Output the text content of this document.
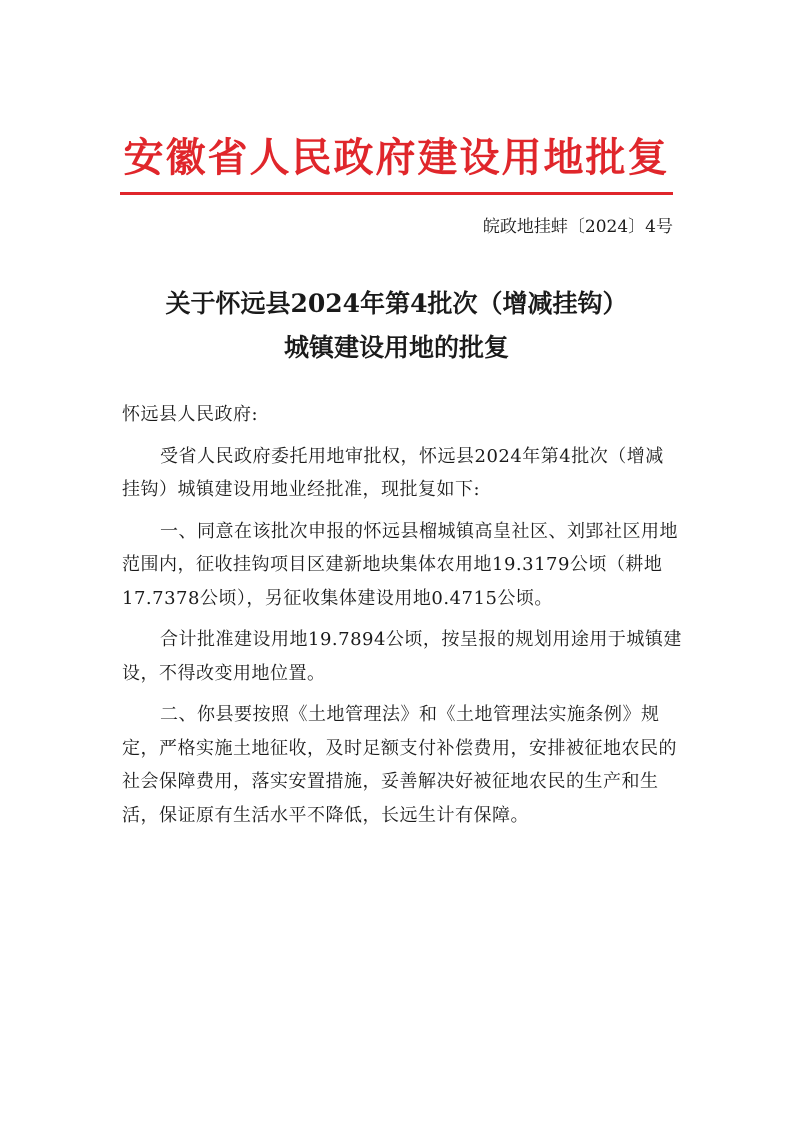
安徽省人民政府建设用地批复
皖政地挂蚌〔2024〕4号
关于怀远县2024年第4批次（增减挂钩）
城镇建设用地的批复

怀远县人民政府:

受省人民政府委托用地审批权，怀远县2024年第4批次（增减挂钩）城镇建设用地业经批准，现批复如下:

一、同意在该批次申报的怀远县榴城镇高皇社区、刘郢社区用地范围内，征收挂钩项目区建新地块集体农用地19.3179公顷（耕地17.7378公顷），另征收集体建设用地0.4715公顷。

合计批准建设用地19.7894公顷，按呈报的规划用途用于城镇建设，不得改变用地位置。

二、你县要按照《土地管理法》和《土地管理法实施条例》规定，严格实施土地征收，及时足额支付补偿费用，安排被征地农民的社会保障费用，落实安置措施，妥善解决好被征地农民的生产和生活，保证原有生活水平不降低，长远生计有保障。
